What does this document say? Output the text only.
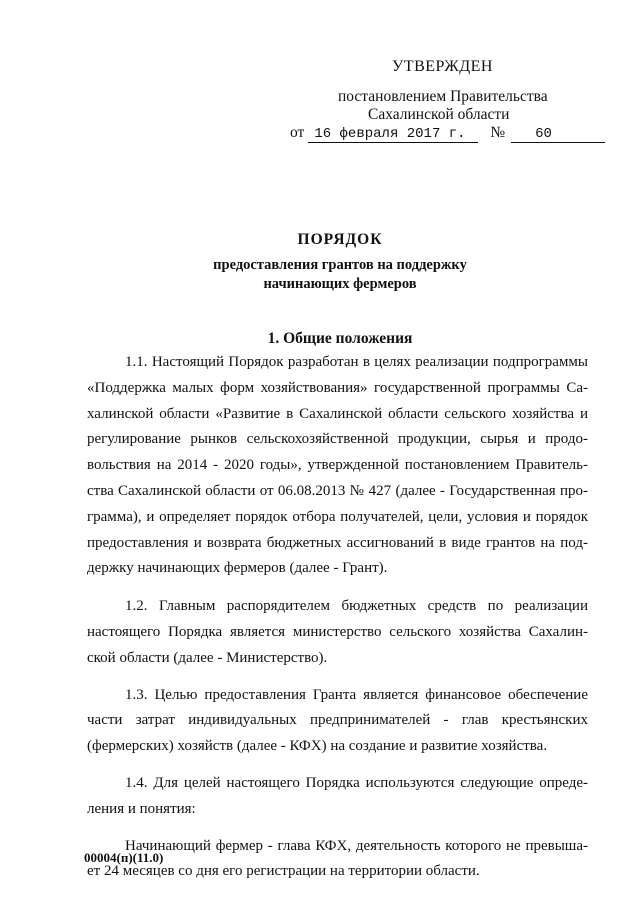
УТВЕРЖДЕН
постановлением Правительства
Сахалинской области
от 16 февраля 2017 г. № 60
ПОРЯДОК
предоставления грантов на поддержку
начинающих фермеров
1. Общие положения

1.1. Настоящий Порядок разработан в целях реализации подпрограммы
«Поддержка малых форм хозяйствования» государственной программы Са-
халинской области «Развитие в Сахалинской области сельского хозяйства и
регулирование рынков сельскохозяйственной продукции, сырья и продо-
вольствия на 2014 - 2020 годы», утвержденной постановлением Правитель-
ства Сахалинской области от 06.08.2013 № 427 (далее - Государственная про-
грамма), и определяет порядок отбора получателей, цели, условия и порядок
предоставления и возврата бюджетных ассигнований в виде грантов на под-
держку начинающих фермеров (далее - Грант).

1.2. Главным распорядителем бюджетных средств по реализации
настоящего Порядка является министерство сельского хозяйства Сахалин-
ской области (далее - Министерство).

1.3. Целью предоставления Гранта является финансовое обеспечение
части затрат индивидуальных предпринимателей - глав крестьянских
(фермерских) хозяйств (далее - КФХ) на создание и развитие хозяйства.

1.4. Для целей настоящего Порядка используются следующие опреде-
ления и понятия:

Начинающий фермер - глава КФХ, деятельность которого не превыша-
ет 24 месяцев со дня его регистрации на территории области.

00004(п)(11.0)
